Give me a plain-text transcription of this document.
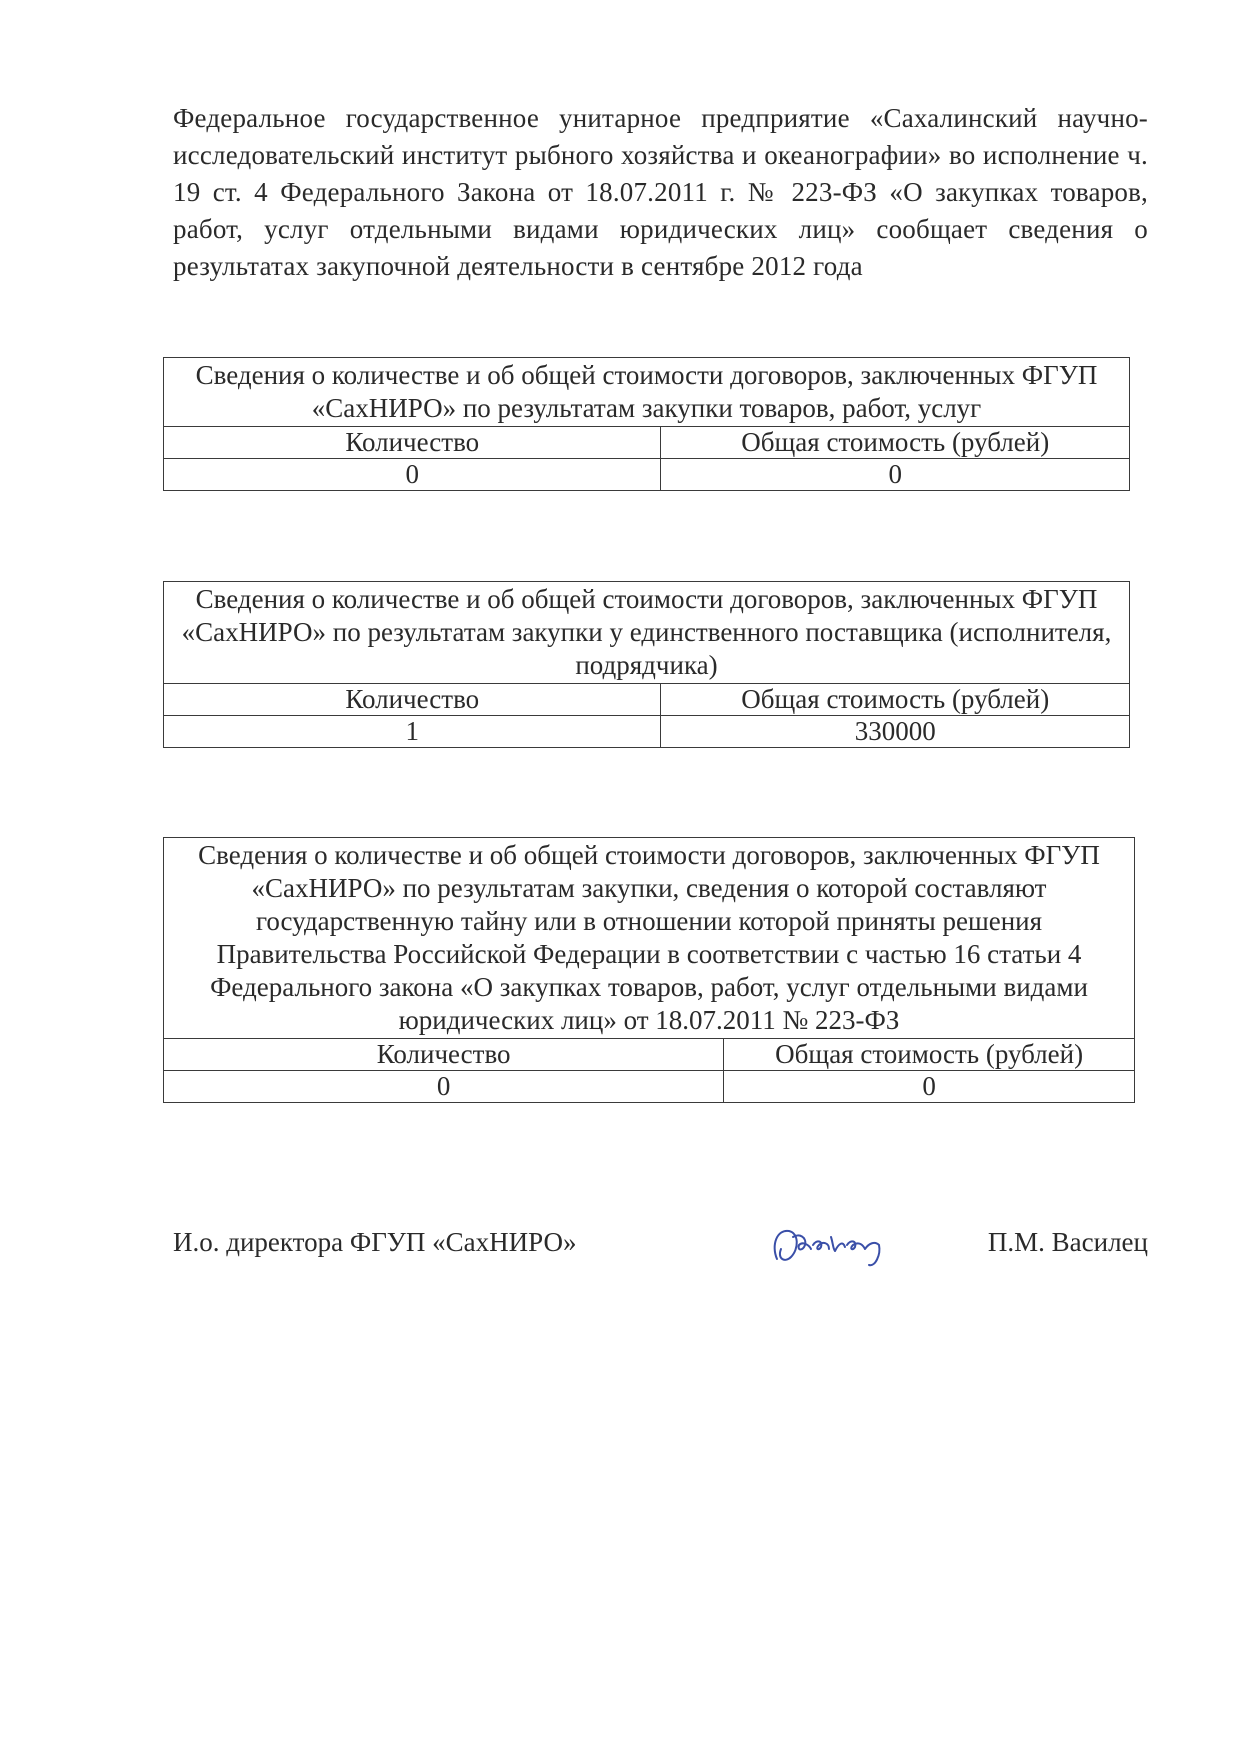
Федеральное государственное унитарное предприятие «Сахалинский научно-исследовательский институт рыбного хозяйства и океанографии» во исполнение ч. 19 ст. 4 Федерального Закона от 18.07.2011 г. № 223-ФЗ «О закупках товаров, работ, услуг отдельными видами юридических лиц» сообщает сведения о результатах закупочной деятельности в сентябре 2012 года

Сведения о количестве и об общей стоимости договоров, заключенных ФГУП «СахНИРО» по результатам закупки товаров, работ, услуг	
Количество	Общая стоимость (рублей)
0	0
Сведения о количестве и об общей стоимости договоров, заключенных ФГУП «СахНИРО» по результатам закупки у единственного поставщика (исполнителя, подрядчика)	
Количество	Общая стоимость (рублей)
1	330000
Сведения о количестве и об общей стоимости договоров, заключенных ФГУП «СахНИРО» по результатам закупки, сведения о которой составляют государственную тайну или в отношении которой приняты решения Правительства Российской Федерации в соответствии с частью 16 статьи 4 Федерального закона «О закупках товаров, работ, услуг отдельными видами юридических лиц» от 18.07.2011 № 223-ФЗ	
Количество	Общая стоимость (рублей)
0	0
И.о. директора ФГУП «СахНИРО»	П.М. Василец
